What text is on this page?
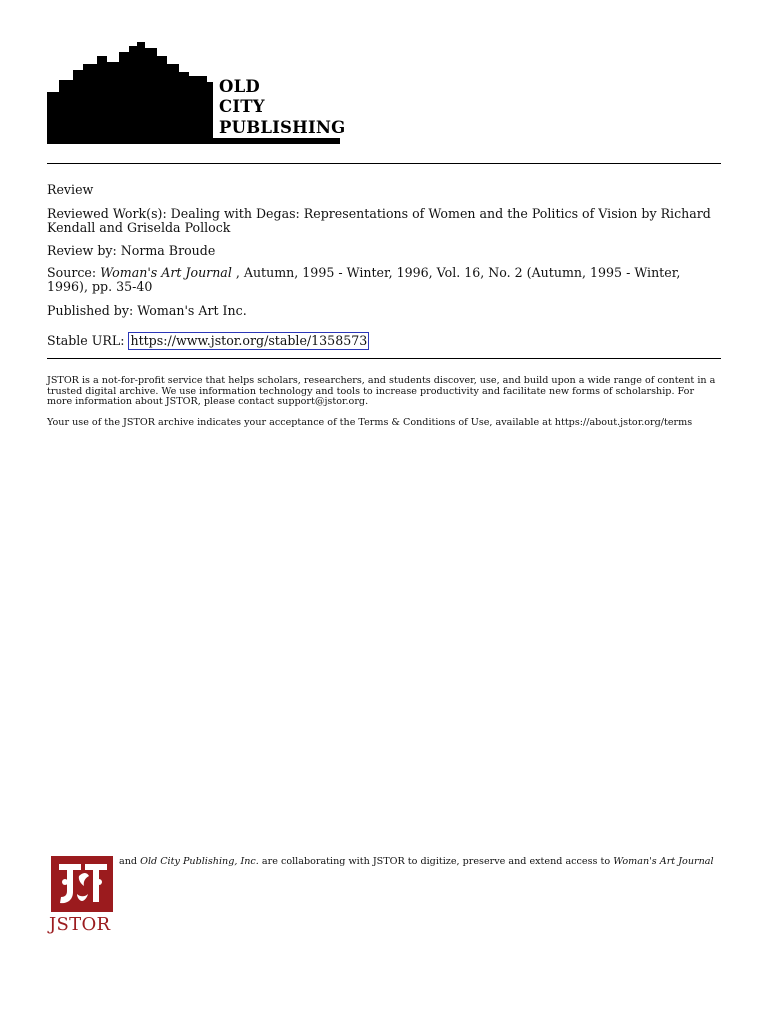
OLD
CITY
PUBLISHING

Review

Reviewed Work(s): Dealing with Degas: Representations of Women and the Politics of Vision by Richard Kendall and Griselda Pollock

Review by: Norma Broude

Source: Woman's Art Journal , Autumn, 1995 - Winter, 1996, Vol. 16, No. 2 (Autumn, 1995 - Winter, 1996), pp. 35-40

Published by: Woman's Art Inc.

Stable URL: https://www.jstor.org/stable/1358573

JSTOR is a not-for-profit service that helps scholars, researchers, and students discover, use, and build upon a wide range of content in a trusted digital archive. We use information technology and tools to increase productivity and facilitate new forms of scholarship. For more information about JSTOR, please contact support@jstor.org.

Your use of the JSTOR archive indicates your acceptance of the Terms & Conditions of Use, available at https://about.jstor.org/terms

JSTOR

and Old City Publishing, Inc. are collaborating with JSTOR to digitize, preserve and extend access to Woman's Art Journal
